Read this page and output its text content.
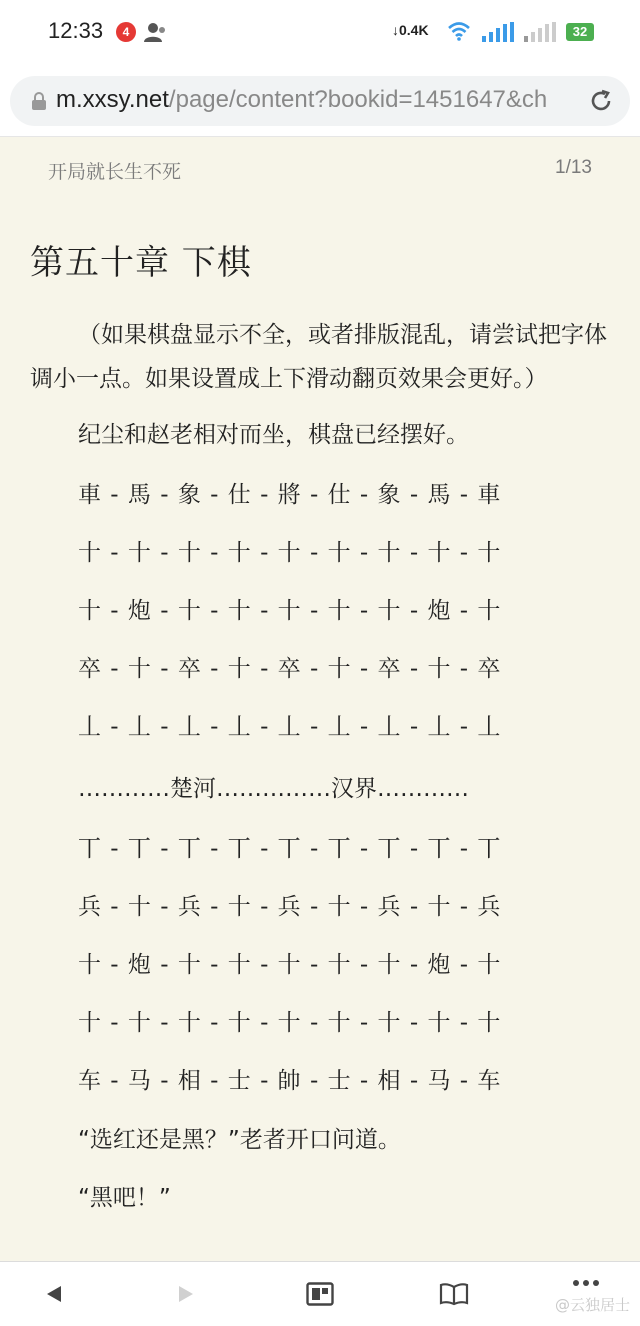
12:33	4	↓0.4K	32
m.xxsy.net/page/content?bookid=1451647&ch
开局就长生不死	1/13
第五十章 下棋
（如果棋盘显示不全，或者排版混乱，请尝试把字体调小一点。如果设置成上下滑动翻页效果会更好。）
纪尘和赵老相对而坐，棋盘已经摆好。
車 - 馬 - 象 - 仕 - 將 - 仕 - 象 - 馬 - 車
十 - 十 - 十 - 十 - 十 - 十 - 十 - 十 - 十
十 - 炮 - 十 - 十 - 十 - 十 - 十 - 炮 - 十
卒 - 十 - 卒 - 十 - 卒 - 十 - 卒 - 十 - 卒
丄 - 丄 - 丄 - 丄 - 丄 - 丄 - 丄 - 丄 - 丄
…………楚河……………汉界…………
丅 - 丅 - 丅 - 丅 - 丅 - 丅 - 丅 - 丅 - 丅
兵 - 十 - 兵 - 十 - 兵 - 十 - 兵 - 十 - 兵
十 - 炮 - 十 - 十 - 十 - 十 - 十 - 炮 - 十
十 - 十 - 十 - 十 - 十 - 十 - 十 - 十 - 十
车 - 马 - 相 - 士 - 帥 - 士 - 相 - 马 - 车
“选红还是黑？”老者开口问道。
“黑吧！”
@云独居士
